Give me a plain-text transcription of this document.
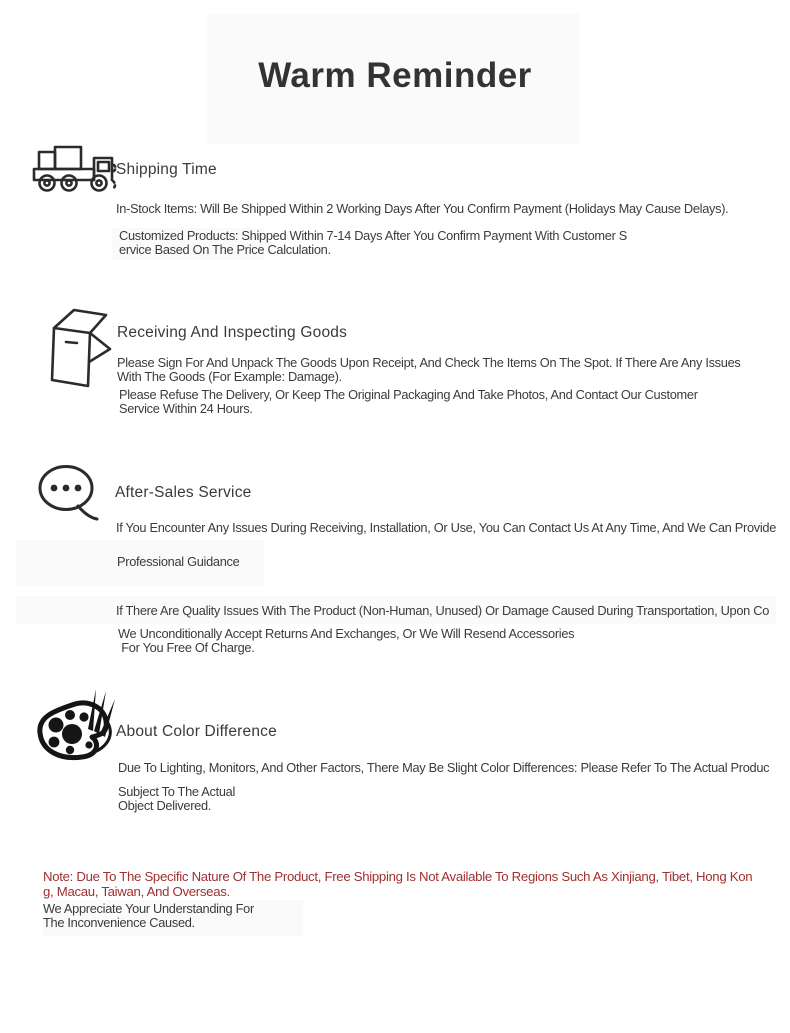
Warm Reminder
Shipping Time
In-Stock Items: Will Be Shipped Within 2 Working Days After You Confirm Payment (Holidays May Cause Delays).
Customized Products: Shipped Within 7-14 Days After You Confirm Payment With Customer S
ervice Based On The Price Calculation.
Receiving And Inspecting Goods
Please Sign For And Unpack The Goods Upon Receipt, And Check The Items On The Spot. If There Are Any Issues
With The Goods (For Example: Damage).
Please Refuse The Delivery, Or Keep The Original Packaging And Take Photos, And Contact Our Customer
Service Within 24 Hours.
After-Sales Service
If You Encounter Any Issues During Receiving, Installation, Or Use, You Can Contact Us At Any Time, And We Can Provide
Professional Guidance
If There Are Quality Issues With The Product (Non-Human, Unused) Or Damage Caused During Transportation, Upon Co
We Unconditionally Accept Returns And Exchanges, Or We Will Resend Accessories
For You Free Of Charge.
About Color Difference
Due To Lighting, Monitors, And Other Factors, There May Be Slight Color Differences: Please Refer To The Actual Produc
Subject To The Actual
Object Delivered.
Note: Due To The Specific Nature Of The Product, Free Shipping Is Not Available To Regions Such As Xinjiang, Tibet, Hong Kon
g, Macau, Taiwan, And Overseas.
We Appreciate Your Understanding For
The Inconvenience Caused.
